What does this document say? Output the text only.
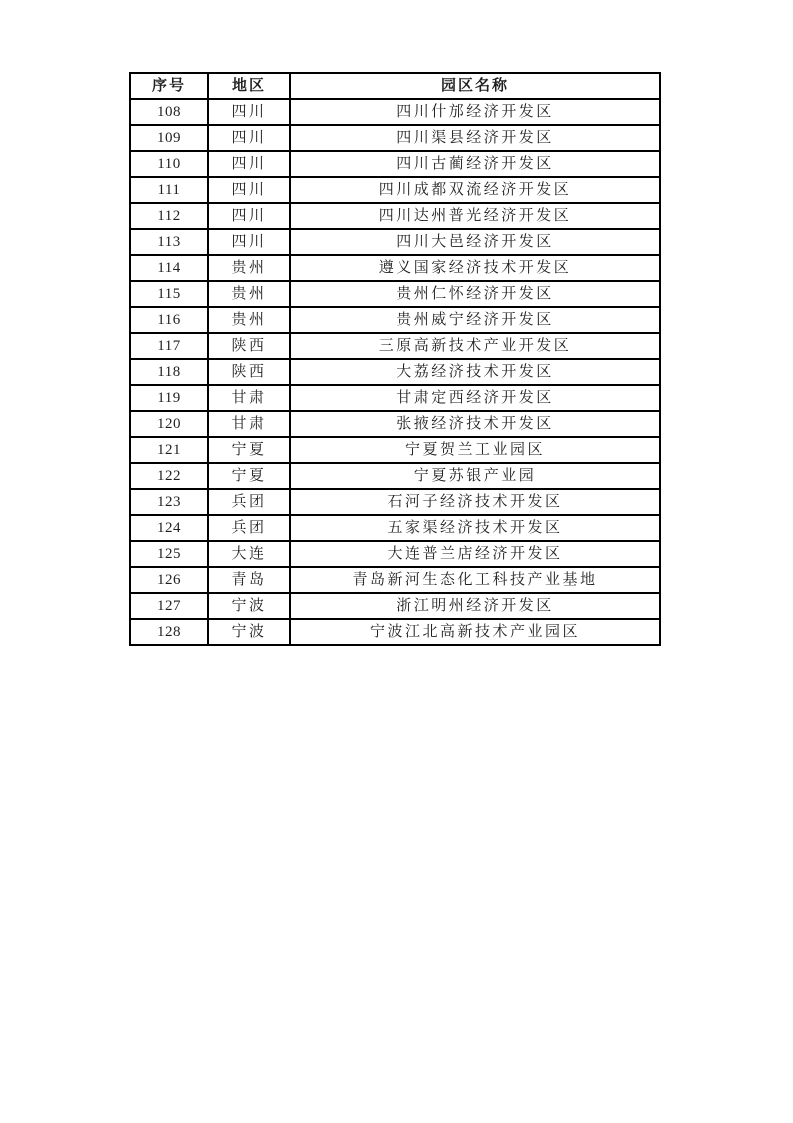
序号	地区	园区名称
108	四川	四川什邡经济开发区
109	四川	四川渠县经济开发区
110	四川	四川古蔺经济开发区
111	四川	四川成都双流经济开发区
112	四川	四川达州普光经济开发区
113	四川	四川大邑经济开发区
114	贵州	遵义国家经济技术开发区
115	贵州	贵州仁怀经济开发区
116	贵州	贵州威宁经济开发区
117	陕西	三原高新技术产业开发区
118	陕西	大荔经济技术开发区
119	甘肃	甘肃定西经济开发区
120	甘肃	张掖经济技术开发区
121	宁夏	宁夏贺兰工业园区
122	宁夏	宁夏苏银产业园
123	兵团	石河子经济技术开发区
124	兵团	五家渠经济技术开发区
125	大连	大连普兰店经济开发区
126	青岛	青岛新河生态化工科技产业基地
127	宁波	浙江明州经济开发区
128	宁波	宁波江北高新技术产业园区
